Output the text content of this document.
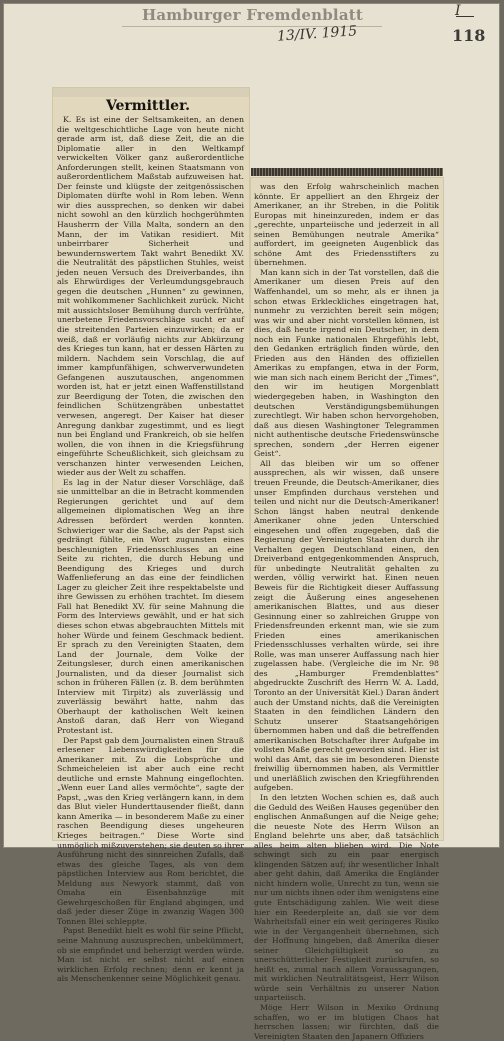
Hamburger Fremdenblatt	I
13/IV. 1915	118
Vermittler.

K. Es ist eine der Seltsamkeiten, an denen die weltgeschichtliche Lage von heute nicht gerade arm ist, daß diese Zeit, die an die Diplomatie aller in den Weltkampf verwickelten Völker ganz außerordentliche Anforderungen stellt, keinen Staatsmann von außerordentlichem Maßstab aufzuweisen hat. Der feinste und klügste der zeitgenössischen Diplomaten dürfte wohl in Rom leben. Wenn wir dies aussprechen, so denken wir dabei nicht sowohl an den kürzlich hochgerühmten Hausherrn der Villa Malta, sondern an den Mann, der im Vatikan residiert. Mit unbeirrbarer Sicherheit und bewundernswertem Takt wahrt Benedikt XV. die Neutralität des päpstlichen Stuhles, weist jeden neuen Versuch des Dreiverbandes, ihn als Ehrwürdiges der Verleumdungsgebrauch gegen die deutschen „Hunnen“ zu gewinnen, mit wohlkommener Sachlichkeit zurück. Nicht mit aussichtsloser Bemühung durch verfrühte, unerbetene Friedensvorschläge sucht er auf die streitenden Parteien einzuwirken; da er weiß, daß er vorläufig nichts zur Abkürzung des Krieges tun kann, hat er dessen Härten zu mildern. Nachdem sein Vorschlag, die auf immer kampfunfähigen, schwerverwundeten Gefangenen auszutauschen, angenommen worden ist, hat er jetzt einen Waffenstillstand zur Beerdigung der Toten, die zwischen den feindlichen Schützengräben unbestattet verwesen, angeregt. Der Kaiser hat dieser Anregung dankbar zugestimmt, und es liegt nun bei England und Frankreich, ob sie helfen wollen, die von ihnen in die Kriegsführung eingeführte Scheußlichkeit, sich gleichsam zu verschanzen hinter verwesenden Leichen, wieder aus der Welt zu schaffen.

Es lag in der Natur dieser Vorschläge, daß sie unmittelbar an die in Betracht kommenden Regierungen gerichtet und auf dem allgemeinen diplomatischen Weg an ihre Adressen befördert werden konnten. Schwieriger war die Sache, als der Papst sich gedrängt fühlte, ein Wort zugunsten eines beschleunigten Friedensschlusses an eine Seite zu richten, die durch Hebung und Beendigung des Krieges und durch Waffenlieferung an das eine der feindlichen Lager zu gleicher Zeit ihre respektabelste und ihre Gewissen zu erhöhen trachtet. Im diesem Fall hat Benedikt XV. für seine Mahnung die Form des Interviews gewählt, und er hat sich dieses schon etwas abgebrauchten Mittels mit hoher Würde und feinem Geschmack bedient. Er sprach zu den Vereinigten Staaten, dem Land der Journale, dem Volke der Zeitungsleser, durch einen amerikanischen Journalisten, und da dieser Journalist sich schon in früheren Fällen (z. B. dem berühmten Interview mit Tirpitz) als zuverlässig und zuverlässig bewährt hatte, nahm das Oberhaupt der katholischen Welt keinen Anstoß daran, daß Herr von Wiegand Protestant ist.

Der Papst gab dem Journalisten einen Strauß erlesener Liebenswürdigkeiten für die Amerikaner mit. Zu die Lobsprüche und Schmeicheleien ist aber auch eine recht deutliche und ernste Mahnung eingeflochten. „Wenn euer Land alles vermöchte“, sagte der Papst, „was den Krieg verlängern kann, in dem das Blut vieler Hunderttausender fließt, dann kann Amerika — in besonderem Maße zu einer raschen Beendigung dieses ungeheuren Krieges beitragen.“ Diese Worte sind unmöglich mißzuverstehen; sie deuten so ihrer Ausführung nicht des sinnreichen Zufalls, daß etwas des gleiche Tages, als von dem päpstlichen Interview aus Rom berichtet, die Meldung aus Newyork stammt, daß von Omaha ein Eisenbahnzüge mit Gewehrgeschoßen für England abgingen, und daß jeder dieser Züge in zwanzig Wagen 300 Tonnen Blei schleppte.

Papst Benedikt hielt es wohl für seine Pflicht, seine Mahnung auszusprechen, unbekümmert, ob sie empfindet und beherzigt werden würde. Man ist nicht er selbst nicht auf einen wirklichen Erfolg rechnen; denn er kennt ja als Menschenkenner seine Möglichkeit genau.

was den Erfolg wahrscheinlich machen könnte. Er appelliert an den Ehrgeiz der Amerikaner, an ihr Streben, in die Politik Europas mit hineinzureden, indem er das „gerechte, unparteiische und jederzeit in all seinen Bemühungen neutrale Amerika“ auffordert, im geeigneten Augenblick das schöne Amt des Friedensstifters zu übernehmen.

Man kann sich in der Tat vorstellen, daß die Amerikaner um diesen Preis auf den Waffenhandel, um so mehr, als er ihnen ja schon etwas Erkleckliches eingetragen hat, nunmehr zu verzichten bereit sein mögen; was wir und aber nicht vorstellen können, ist dies, daß heute irgend ein Deutscher, in dem noch ein Funke nationalen Ehrgefühls lebt, den Gedanken erträglich finden würde, den Frieden aus den Händen des offiziellen Amerikas zu empfangen, etwa in der Form, wie man sich nach einem Bericht der „Times“, den wir im heutigen Morgenblatt wiedergegeben haben, in Washington den deutschen Verständigungsbemühungen zurechtlegt. Wir haben schon hervorgehoben, daß aus diesen Washingtoner Telegrammen nicht authentische deutsche Friedenswünsche sprechen, sondern „der Herren eigener Geist“.

All das bleiben wir um so offener aussprechen, als wir wissen, daß unsere treuen Freunde, die Deutsch-Amerikaner, dies unser Empfinden durchaus verstehen und teilen und nicht nur die Deutsch-Amerikaner! Schon längst haben neutral denkende Amerikaner ohne jeden Unterschied eingesehen und offen zugegeben, daß die Regierung der Vereinigten Staaten durch ihr Verhalten gegen Deutschland einen, den Dreiverband entgegenkommenden Anspruch, für unbedingte Neutralität gehalten zu werden, völlig verwirkt hat. Einen neuen Beweis für die Richtigkeit dieser Auffassung zeigt die Äußerung eines angesehenen amerikanischen Blattes, und aus dieser Gesinnung einer so zahlreichen Gruppe von Friedensfreunden erkennt man, wie sie zum Frieden eines amerikanischen Friedensschlusses verhalten würde, sei ihre Rolle, was man unserer Auffassung nach hier zugelassen habe. (Vergleiche die im Nr. 98 des „Hamburger Fremdenblattes“ abgedruckte Zuschrift des Herrn W. A. Ladd, Toronto an der Universität Kiel.) Daran ändert auch der Umstand nichts, daß die Vereinigten Staaten in den feindlichen Ländern den Schutz unserer Staatsangehörigen übernommen haben und daß die betreffenden amerikanischen Botschafter ihrer Aufgabe im vollsten Maße gerecht geworden sind. Hier ist wohl das Amt, das sie im besonderen Dienste freiwillig übernommen haben, als Vermittler und unerläßlich zwischen den Kriegführenden aufgeben.

In den letzten Wochen schien es, daß auch die Geduld des Weißen Hauses gegenüber den englischen Anmaßungen auf die Neige gehe; die neueste Note des Herrn Wilson an England belehrte uns aber, daß tatsächlich alles beim alten blieben wird. Die Note schwingt sich zu ein paar energisch klingenden Sätzen auf; ihr wesentlicher Inhalt aber geht dahin, daß Amerika die Engländer nicht hindern wolle, Unrecht zu tun, wenn sie nur um nichts ihnen oder ihm wenigstens eine gute Entschädigung zahlen. Wie weit diese hier ein Reederpleite an, daß sie vor dem Wahrheitsfall einer ein weit geringeres Risiko wie in der Vergangenheit übernehmen, sich der Hoffnung hingeben, daß Amerika dieser seiner Gleichgültigkeit so zu unerschütterlicher Festigkeit zurückrufen, so heißt es, zumal nach allem Voraussagungen, mit wirklichen Neutralitätsgeist, Herr Wilson würde sein Verhältnis zu unserer Nation unparteiisch.

Möge Herr Wilson in Mexiko Ordnung schaffen, wo er im blutigen Chaos hat herrschen lassen; wir fürchten, daß die Vereinigten Staaten den Japanern Offiziers
